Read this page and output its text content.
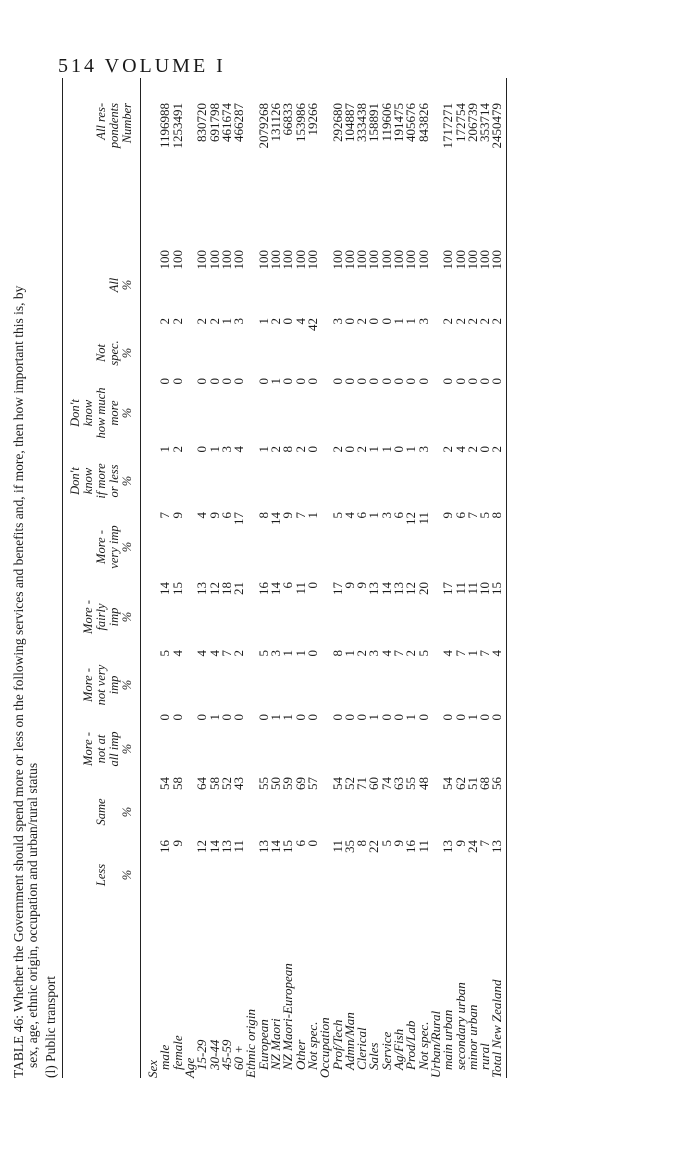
514 VOLUME I
TABLE 46: Whether the Government should spend more or less on the following services and benefits and, if more, then how important this is, by sex, age, ethnic origin, occupation and urban/rural status (l) Public transport
Less
%
Same
%
More - not at all imp %
More - not very imp %
More - fairly imp %
More - very imp %
Don't know if more or less %
Don't know how much more %
Not spec. %
All %
All res- pondents Number
Sex
male
16
54
0
5
14
7
1
0
2
100
1196988
female
9
58
0
4
15
9
2
0
2
100
1253491
Age
15-29
12
64
0
4
13
4
0
0
2
100
830720
30-44
14
58
1
4
12
9
1
0
2
100
691798
45-59
13
52
0
7
18
6
3
0
1
100
461674
60 +
11
43
0
2
21
17
4
0
3
100
466287
Ethnic origin
European
13
55
0
5
16
8
1
0
1
100
2079268
NZ Maori
14
50
1
3
14
14
2
1
2
100
131126
NZ Maori-European
15
59
1
1
6
9
8
0
0
100
66833
Other
6
69
0
1
11
7
2
0
4
100
153986
Not spec.
0
57
0
0
0
1
0
0
42
100
19266
Occupation
Prof/Tech
11
54
0
8
17
5
2
0
3
100
292680
Admn/Man
35
52
0
1
9
4
0
0
0
100
104887
Clerical
8
71
0
2
9
6
2
0
2
100
333438
Sales
22
60
1
3
13
1
1
0
0
100
158891
Service
5
74
0
4
14
3
1
0
0
100
119606
Ag/Fish
9
63
0
7
13
6
0
0
1
100
191475
Prod/Lab
16
55
1
2
12
12
1
0
1
100
405676
Not spec.
11
48
0
5
20
11
3
0
3
100
843826
Urban/Rural
main urban
13
54
0
4
17
9
2
0
2
100
1717271
secondary urban
9
62
0
7
11
6
4
0
2
100
172754
minor urban
24
51
1
1
11
7
2
0
2
100
206739
rural
7
68
0
7
10
5
0
0
2
100
353714
Total New Zealand
13
56
0
4
15
8
2
0
2
100
2450479
